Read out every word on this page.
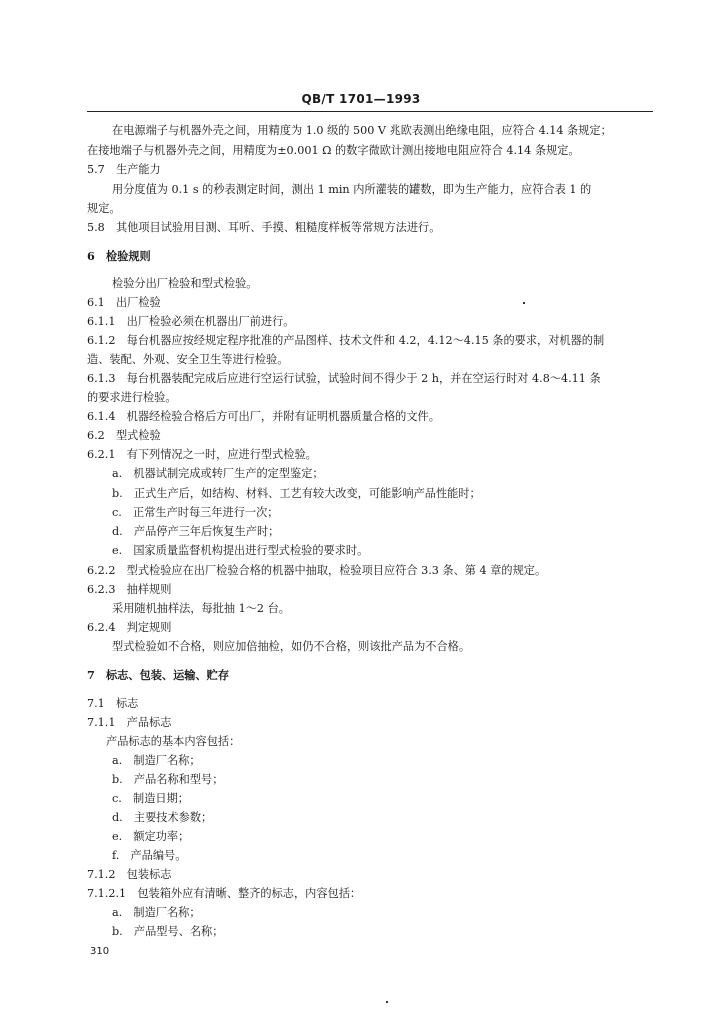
QB/T 1701—1993
在电源端子与机器外壳之间，用精度为 1.0 级的 500 V 兆欧表测出绝缘电阻，应符合 4.14 条规定；
在接地端子与机器外壳之间，用精度为±0.001 Ω 的数字微欧计测出接地电阻应符合 4.14 条规定。
5.7　生产能力
用分度值为 0.1 s 的秒表测定时间，测出 1 min 内所灌装的罐数，即为生产能力，应符合表 1 的
规定。
5.8　其他项目试验用目测、耳听、手摸、粗糙度样板等常规方法进行。
6　检验规则
检验分出厂检验和型式检验。
6.1　出厂检验
6.1.1　出厂检验必须在机器出厂前进行。
6.1.2　每台机器应按经规定程序批准的产品图样、技术文件和 4.2，4.12～4.15 条的要求，对机器的制
造、装配、外观、安全卫生等进行检验。
6.1.3　每台机器装配完成后应进行空运行试验，试验时间不得少于 2 h，并在空运行时对 4.8～4.11 条
的要求进行检验。
6.1.4　机器经检验合格后方可出厂，并附有证明机器质量合格的文件。
6.2　型式检验
6.2.1　有下列情况之一时，应进行型式检验。
a.　机器试制完成或转厂生产的定型鉴定；
b.　正式生产后，如结构、材料、工艺有较大改变，可能影响产品性能时；
c.　正常生产时每三年进行一次；
d.　产品停产三年后恢复生产时；
e.　国家质量监督机构提出进行型式检验的要求时。
6.2.2　型式检验应在出厂检验合格的机器中抽取，检验项目应符合 3.3 条、第 4 章的规定。
6.2.3　抽样规则
采用随机抽样法，每批抽 1～2 台。
6.2.4　判定规则
型式检验如不合格，则应加倍抽检，如仍不合格，则该批产品为不合格。
7　标志、包装、运输、贮存
7.1　标志
7.1.1　产品标志
产品标志的基本内容包括：
a.　制造厂名称；
b.　产品名称和型号；
c.　制造日期；
d.　主要技术参数；
e.　额定功率；
f.　产品编号。
7.1.2　包装标志
7.1.2.1　包装箱外应有清晰、整齐的标志，内容包括：
a.　制造厂名称；
b.　产品型号、名称；
310
